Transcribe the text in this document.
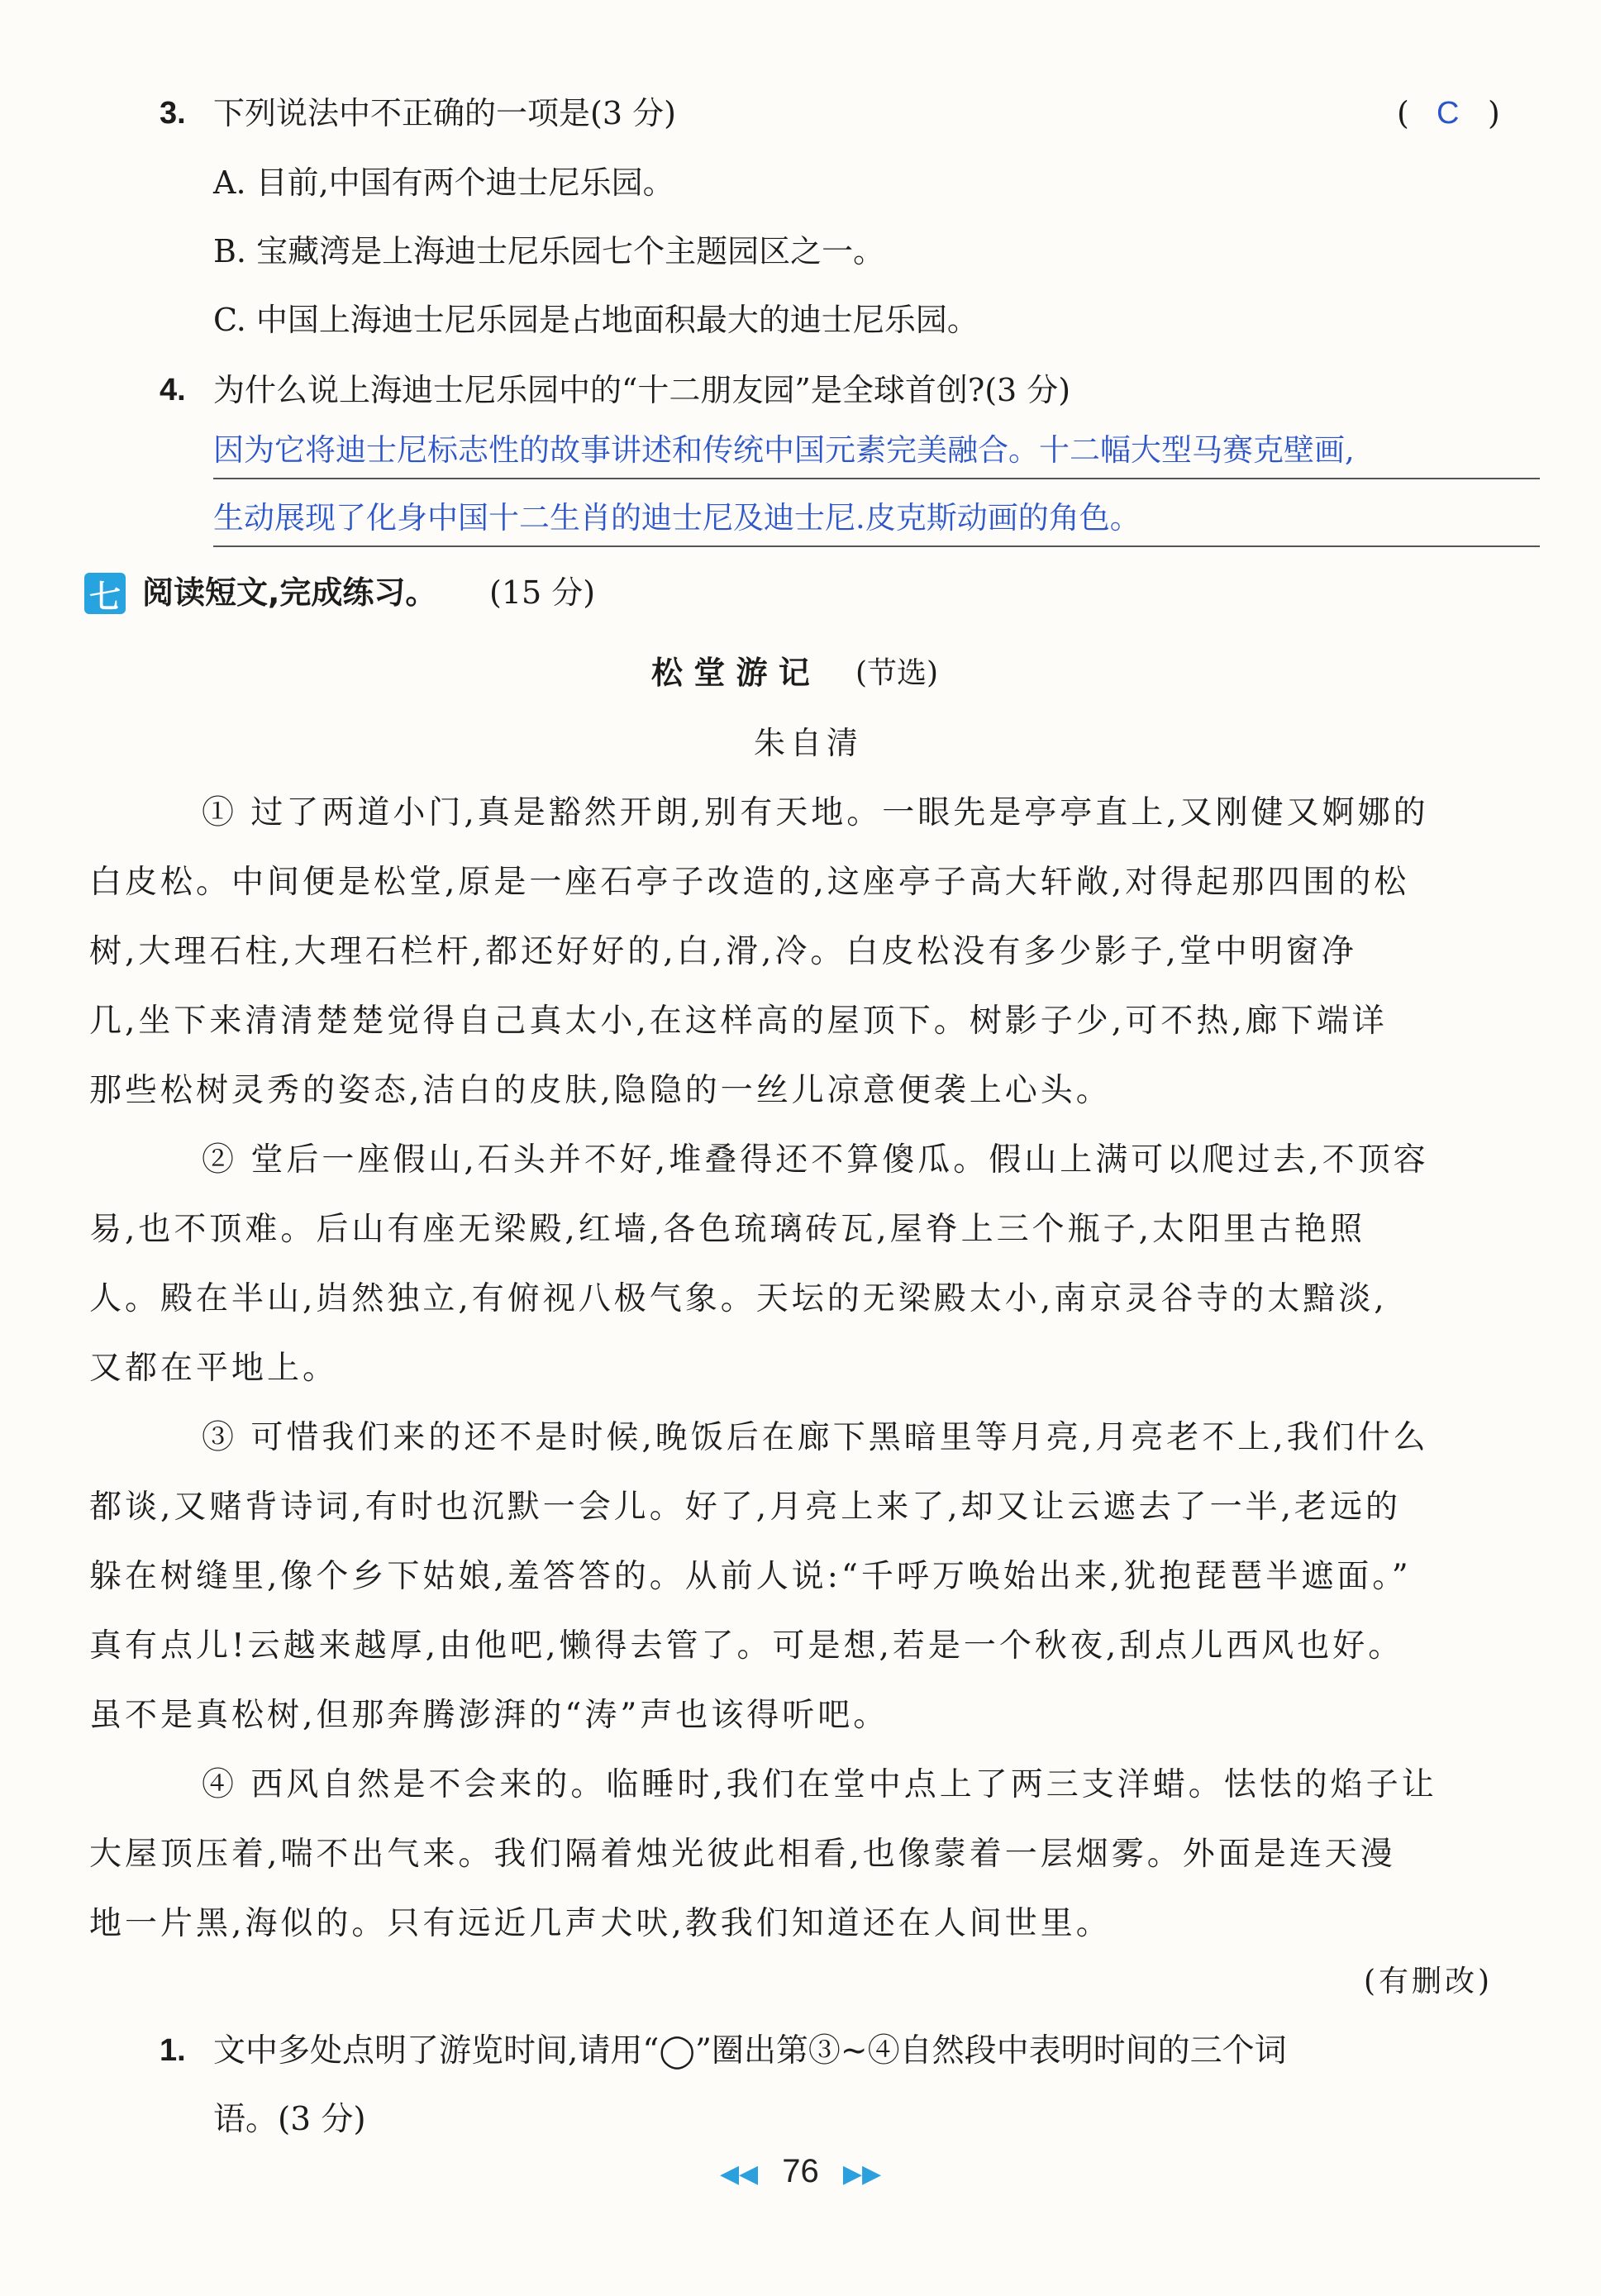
3. 下列说法中不正确的一项是(3 分)	( C )
A. 目前,中国有两个迪士尼乐园。
B. 宝藏湾是上海迪士尼乐园七个主题园区之一。
C. 中国上海迪士尼乐园是占地面积最大的迪士尼乐园。
4. 为什么说上海迪士尼乐园中的“十二朋友园”是全球首创?(3 分)
因为它将迪士尼标志性的故事讲述和传统中国元素完美融合。十二幅大型马赛克壁画,
生动展现了化身中国十二生肖的迪士尼及迪士尼.皮克斯动画的角色。
七 阅读短文,完成练习。 (15 分)
松 堂 游 记 (节选)
朱自清
① 过了两道小门,真是豁然开朗,别有天地。一眼先是亭亭直上,又刚健又婀娜的
白皮松。中间便是松堂,原是一座石亭子改造的,这座亭子高大轩敞,对得起那四围的松
树,大理石柱,大理石栏杆,都还好好的,白,滑,冷。白皮松没有多少影子,堂中明窗净
几,坐下来清清楚楚觉得自己真太小,在这样高的屋顶下。树影子少,可不热,廊下端详
那些松树灵秀的姿态,洁白的皮肤,隐隐的一丝儿凉意便袭上心头。
② 堂后一座假山,石头并不好,堆叠得还不算傻瓜。假山上满可以爬过去,不顶容
易,也不顶难。后山有座无梁殿,红墙,各色琉璃砖瓦,屋脊上三个瓶子,太阳里古艳照
人。殿在半山,岿然独立,有俯视八极气象。天坛的无梁殿太小,南京灵谷寺的太黯淡,
又都在平地上。
③ 可惜我们来的还不是时候,晚饭后在廊下黑暗里等月亮,月亮老不上,我们什么
都谈,又赌背诗词,有时也沉默一会儿。好了,月亮上来了,却又让云遮去了一半,老远的
躲在树缝里,像个乡下姑娘,羞答答的。从前人说:“千呼万唤始出来,犹抱琵琶半遮面。”
真有点儿!云越来越厚,由他吧,懒得去管了。可是想,若是一个秋夜,刮点儿西风也好。
虽不是真松树,但那奔腾澎湃的“涛”声也该得听吧。
④ 西风自然是不会来的。临睡时,我们在堂中点上了两三支洋蜡。怯怯的焰子让
大屋顶压着,喘不出气来。我们隔着烛光彼此相看,也像蒙着一层烟雾。外面是连天漫
地一片黑,海似的。只有远近几声犬吠,教我们知道还在人间世里。
(有删改)
1. 文中多处点明了游览时间,请用“◯”圈出第③~④自然段中表明时间的三个词
语。(3 分)
◀◀ 76 ▶▶
